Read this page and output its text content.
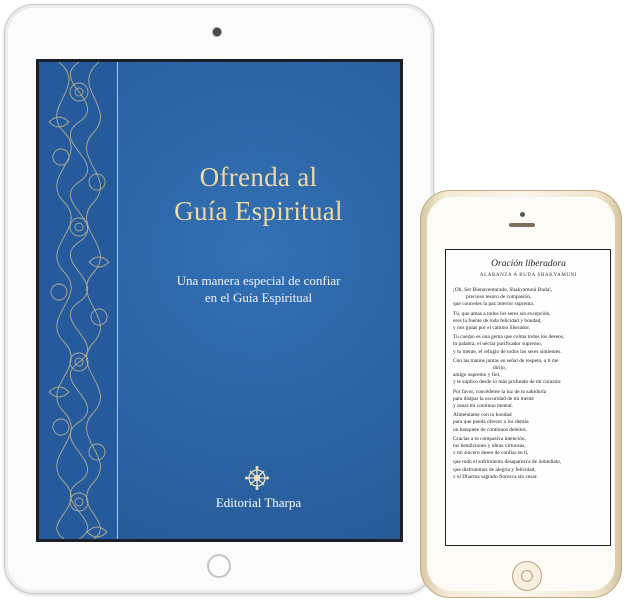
Ofrenda al
Guía Espiritual
Una manera especial de confiar
en el Guía Espiritual
Editorial Tharpa
Oración liberadora
ALABANZA A BUDA SHAKYAMUNI
¡Oh, Ser Bienaventurado, Shakyamuni Buda!,
precioso tesoro de compasión,
que concedes la paz interior suprema.
Tú, que amas a todos los seres sin excepción,
eres la fuente de toda felicidad y bondad,
y nos guías por el camino liberador.
Tu cuerpo es una gema que colma todos los deseos,
tu palabra, el néctar purificador supremo,
y tu mente, el refugio de todos los seres sintientes.
Con las manos juntas en señal de respeto, a ti me
dirijo,
amigo supremo y fiel,
y te suplico desde lo más profundo de mi corazón:
Por favor, concédeme la luz de tu sabiduría
para disipar la oscuridad de mi mente
y sanar mi continuo mental.
Aliméntame con tu bondad
para que pueda ofrecer a los demás
un banquete de continuos deleites.
Gracias a tu compasiva intención,
tus bendiciones y obras virtuosas,
y mi sincero deseo de confiar en ti,
que todo el sufrimiento desaparezca de inmediato,
que disfrutemos de alegría y felicidad,
y el Dharma sagrado florezca sin cesar.
